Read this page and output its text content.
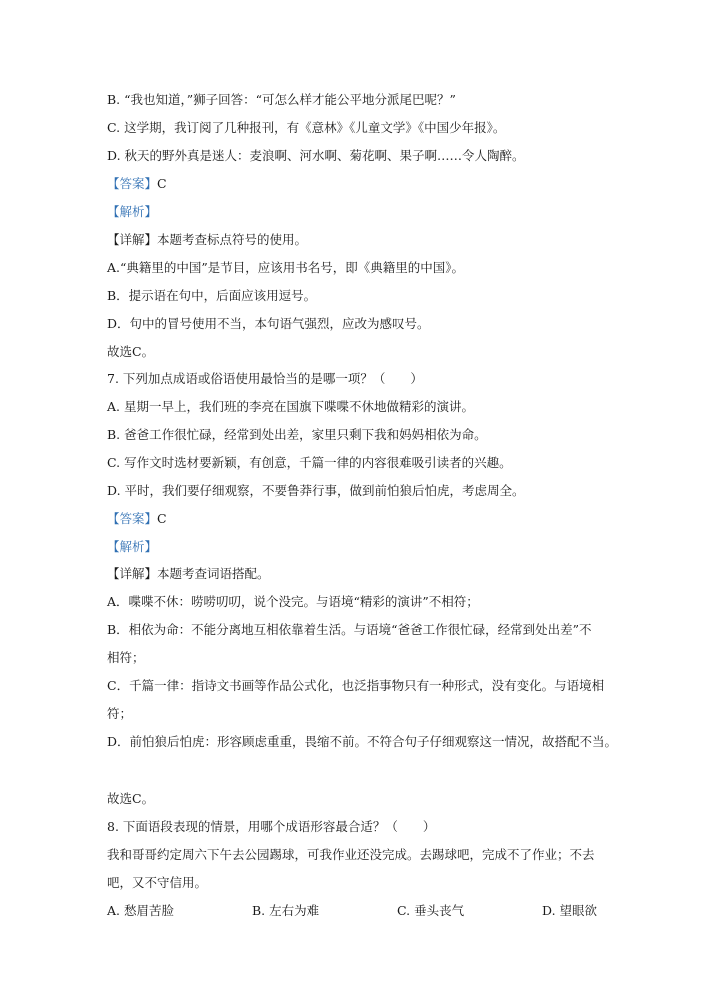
B. “我也知道，”狮子回答：“可怎么样才能公平地分派尾巴呢？”
C. 这学期，我订阅了几种报刊，有《意林》《儿童文学》《中国少年报》。
D. 秋天的野外真是迷人：麦浪啊、河水啊、菊花啊、果子啊……令人陶醉。
【答案】C
【解析】
【详解】本题考查标点符号的使用。
A.“典籍里的中国”是节目，应该用书名号，即《典籍里的中国》。
B．提示语在句中，后面应该用逗号。
D．句中的冒号使用不当，本句语气强烈，应改为感叹号。
故选C。
7. 下列加点成语或俗语使用最恰当的是哪一项？（　　）
A. 星期一早上，我们班的李亮在国旗下喋喋不休地做精彩的演讲。
B. 爸爸工作很忙碌，经常到处出差，家里只剩下我和妈妈相依为命。
C. 写作文时选材要新颖，有创意，千篇一律的内容很难吸引读者的兴趣。
D. 平时，我们要仔细观察，不要鲁莽行事，做到前怕狼后怕虎，考虑周全。
【答案】C
【解析】
【详解】本题考查词语搭配。
A．喋喋不休：唠唠叨叨，说个没完。与语境“精彩的演讲”不相符；
B．相依为命：不能分离地互相依靠着生活。与语境“爸爸工作很忙碌，经常到处出差”不
相符；
C．千篇一律：指诗文书画等作品公式化，也泛指事物只有一种形式，没有变化。与语境相
符；
D．前怕狼后怕虎：形容顾虑重重，畏缩不前。不符合句子仔细观察这一情况，故搭配不当。
故选C。
8. 下面语段表现的情景，用哪个成语形容最合适？（　　）
我和哥哥约定周六下午去公园踢球，可我作业还没完成。去踢球吧，完成不了作业；不去
吧，又不守信用。
A. 愁眉苦脸	B. 左右为难	C. 垂头丧气	D. 望眼欲
